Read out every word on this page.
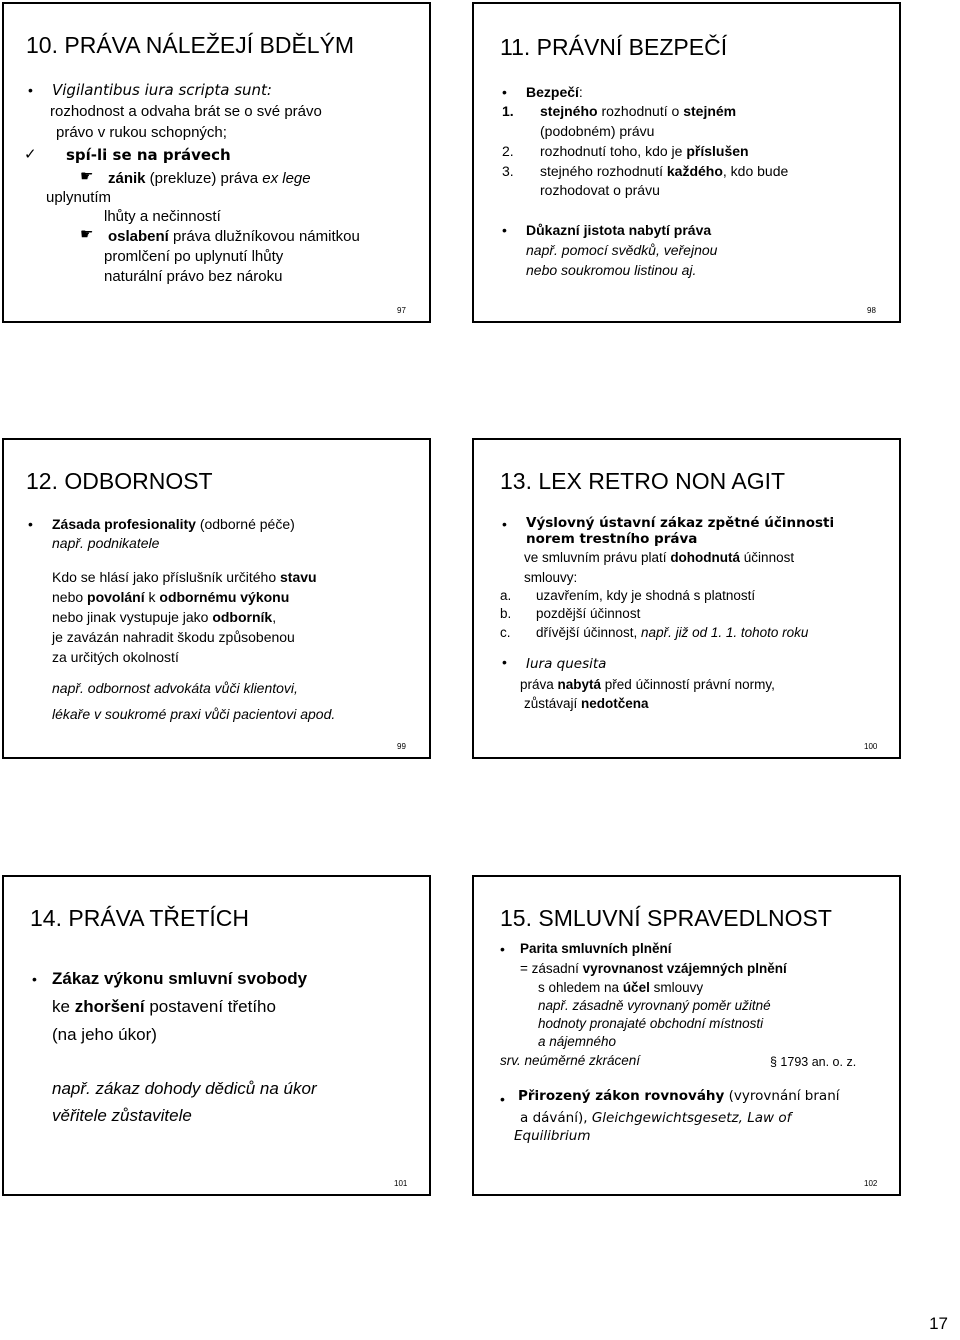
10. PRÁVA NÁLEŽEJÍ BDĚLÝM
• Vigilantibus iura scripta sunt:
rozhodnost a odvaha brát se o své právo
právo v rukou schopných;
✓ spí-li se na právech
☛ zánik (prekluze) práva ex lege
uplynutím
lhůty a nečinností
☛ oslabení práva dlužníkovou námitkou
promlčení po uplynutí lhůty
naturální právo bez nároku
97
11. PRÁVNÍ BEZPEČÍ
• Bezpečí:
1. stejného rozhodnutí o stejném
(podobném) právu
2. rozhodnutí toho, kdo je příslušen
3. stejného rozhodnutí každého, kdo bude
rozhodovat o právu
• Důkazní jistota nabytí práva
např. pomocí svědků, veřejnou
nebo soukromou listinou aj.
98
12. ODBORNOST
• Zásada profesionality (odborné péče)
např. podnikatele
Kdo se hlásí jako příslušník určitého stavu
nebo povolání k odbornému výkonu
nebo jinak vystupuje jako odborník,
je zavázán nahradit škodu způsobenou
za určitých okolností
např. odbornost advokáta vůči klientovi,
lékaře v soukromé praxi vůči pacientovi apod.
99
13. LEX RETRO NON AGIT
• Výslovný ústavní zákaz zpětné účinnosti
norem trestního práva
ve smluvním právu platí dohodnutá účinnost
smlouvy:
a. uzavřením, kdy je shodná s platností
b. pozdější účinnost
c. dřívější účinnost, např. již od 1. 1. tohoto roku
• Iura quesita
práva nabytá před účinností právní normy,
zůstávají nedotčena
100
14. PRÁVA TŘETÍCH
• Zákaz výkonu smluvní svobody
ke zhoršení postavení třetího
(na jeho úkor)
např. zákaz dohody dědiců na úkor
věřitele zůstavitele
101
15. SMLUVNÍ SPRAVEDLNOST
• Parita smluvních plnění
= zásadní vyrovnanost vzájemných plnění
s ohledem na účel smlouvy
např. zásadně vyrovnaný poměr užitné
hodnoty pronajaté obchodní místnosti
a nájemného
srv. neúměrné zkrácení	§ 1793 an. o. z.
• Přirozený zákon rovnováhy (vyrovnání braní
a dávání), Gleichgewichtsgesetz, Law of
Equilibrium
102
17
